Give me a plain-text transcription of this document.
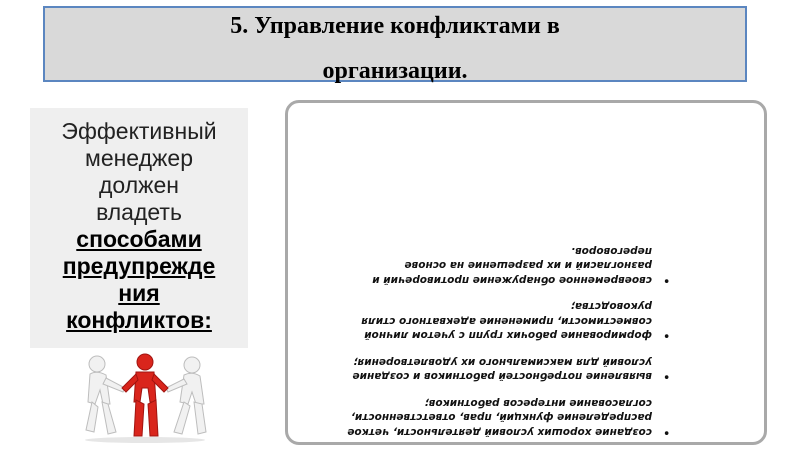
5. Управление конфликтами в
организации.
•
создание хороших условий деятельности, четкое распределение функций, прав, ответственности, согласование интересов работников;
•
выявление потребностей работников и создание условий для максимального их удовлетворения;
•
формирование рабочих групп с учетом личной совместимости, применение адекватного стиля руководства;
•
своевременное обнаружение противоречий и разногласий и их разрешение на основе переговоров.
Эффективный
менеджер
должен
владеть
способами
предупрежде
ния
конфликтов:
